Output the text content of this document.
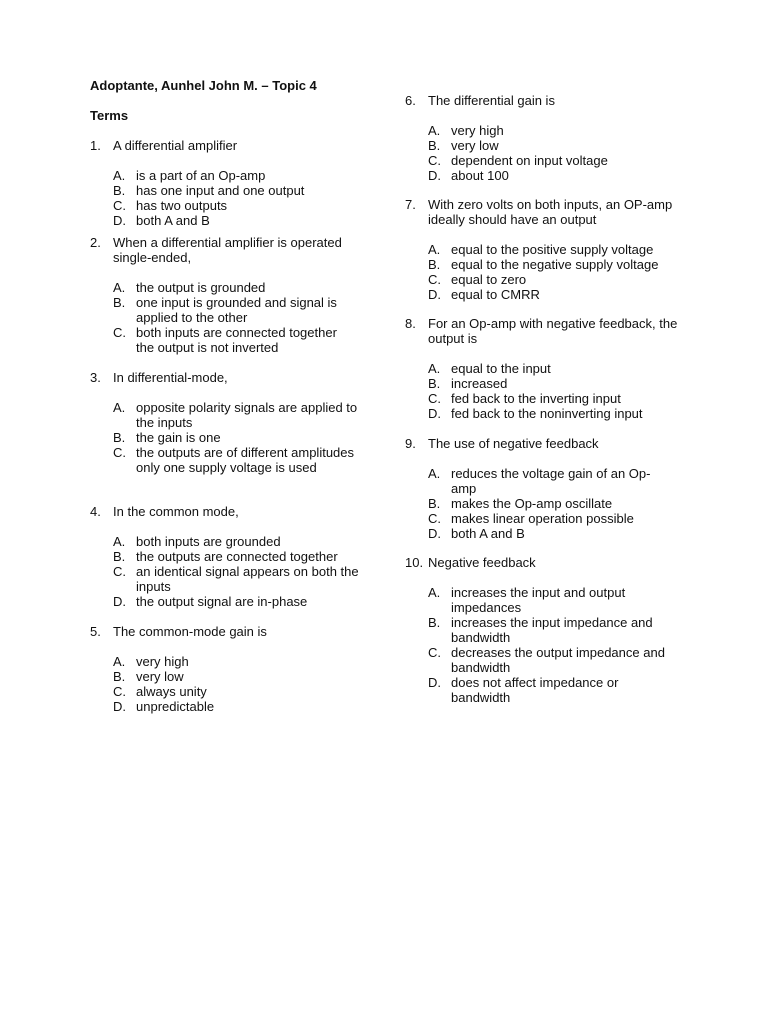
Adoptante, Aunhel John M. – Topic 4
Terms
1. A differential amplifier
A. is a part of an Op-amp
B. has one input and one output
C. has two outputs
D. both A and B
2. When a differential amplifier is operated single-ended,
A. the output is grounded
B. one input is grounded and signal is applied to the other
C. both inputs are connected together
the output is not inverted
3. In differential-mode,
A. opposite polarity signals are applied to the inputs
B. the gain is one
C. the outputs are of different amplitudes
only one supply voltage is used
4. In the common mode,
A. both inputs are grounded
B. the outputs are connected together
C. an identical signal appears on both the inputs
D. the output signal are in-phase
5. The common-mode gain is
A. very high
B. very low
C. always unity
D. unpredictable
6. The differential gain is
A. very high
B. very low
C. dependent on input voltage
D. about 100
7. With zero volts on both inputs, an OP-amp ideally should have an output
A. equal to the positive supply voltage
B. equal to the negative supply voltage
C. equal to zero
D. equal to CMRR
8. For an Op-amp with negative feedback, the output is
A. equal to the input
B. increased
C. fed back to the inverting input
D. fed back to the noninverting input
9. The use of negative feedback
A. reduces the voltage gain of an Op-amp
B. makes the Op-amp oscillate
C. makes linear operation possible
D. both A and B
10. Negative feedback
A. increases the input and output impedances
B. increases the input impedance and bandwidth
C. decreases the output impedance and bandwidth
D. does not affect impedance or bandwidth
